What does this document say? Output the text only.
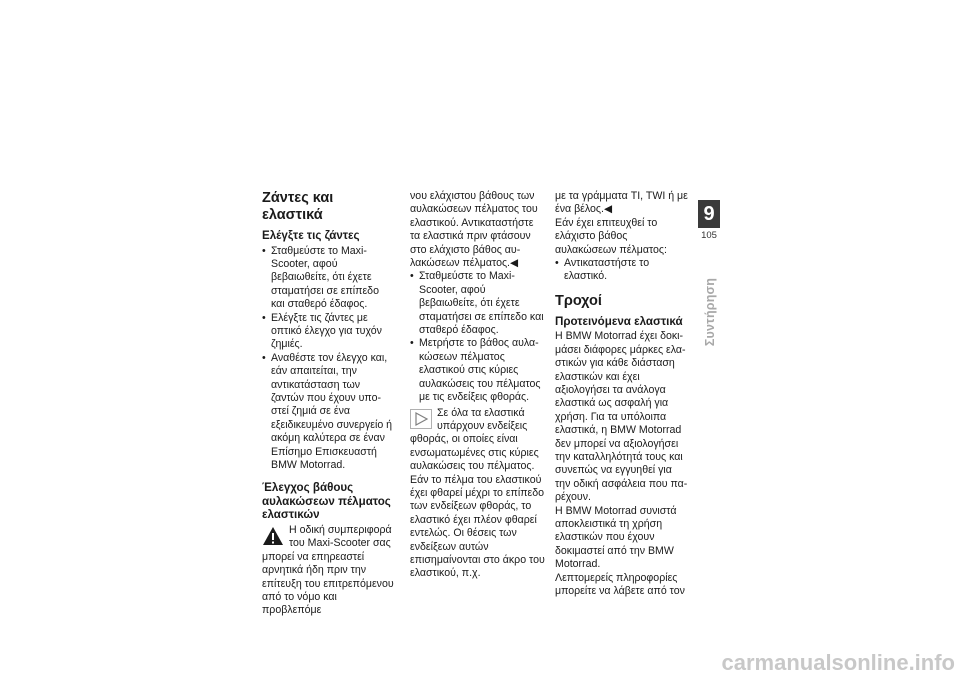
Ζάντες και ελαστικά
Ελέγξτε τις ζάντες
• Σταθμεύστε το Maxi-Scooter, αφού βεβαιωθείτε, ότι έχετε σταματήσει σε επίπεδο και σταθερό έδαφος.
• Ελέγξτε τις ζάντες με οπτικό έλεγχο για τυχόν ζημιές.
• Αναθέστε τον έλεγχο και, εάν απαιτείται, την αντικατάσταση των ζαντών που έχουν υποστεί ζημιά σε ένα εξειδικευμένο συνεργείο ή ακόμη καλύτερα σε έναν Επίσημο Επισκευαστή BMW Motorrad.
Έλεγχος βάθους αυλακώσεων πέλματος ελαστικών

Η οδική συμπεριφορά του Maxi-Scooter σας μπορεί να επηρεαστεί αρνητικά ήδη πριν την επίτευξη του επιτρεπόμενου από το νόμο και προβλεπόμε

νου ελάχιστου βάθους των αυλακώσεων πέλματος του ελαστικού. Αντικαταστήστε τα ελαστικά πριν φτάσουν στο ελάχιστο βάθος αυλακώσεων πέλματος.◀

• Σταθμεύστε το Maxi-Scooter, αφού βεβαιωθείτε, ότι έχετε σταματήσει σε επίπεδο και σταθερό έδαφος.
• Μετρήστε το βάθος αυλακώσεων πέλματος ελαστικού στις κύριες αυλακώσεις του πέλματος με τις ενδείξεις φθοράς.

Σε όλα τα ελαστικά υπάρχουν ενδείξεις φθοράς, οι οποίες είναι ενσωματωμένες στις κύριες αυλακώσεις του πέλματος. Εάν το πέλμα του ελαστικού έχει φθαρεί μέχρι το επίπεδο των ενδείξεων φθοράς, το ελαστικό έχει πλέον φθαρεί εντελώς. Οι θέσεις των ενδείξεων αυτών επισημαίνονται στο άκρο του ελαστικού, π.χ.

με τα γράμματα TI, TWI ή με ένα βέλος.◀

Εάν έχει επιτευχθεί το ελάχιστο βάθος αυλακώσεων πέλματος:

• Αντικαταστήστε το ελαστικό.
Τροχοί
Προτεινόμενα ελαστικά

Η BMW Motorrad έχει δοκιμάσει διάφορες μάρκες ελαστικών για κάθε διάσταση ελαστικών και έχει αξιολογήσει τα ανάλογα ελαστικά ως ασφαλή για χρήση. Για τα υπόλοιπα ελαστικά, η BMW Motorrad δεν μπορεί να αξιολογήσει την καταλληλότητά τους και συνεπώς να εγγυηθεί για την οδική ασφάλεια που παρέχουν.

Η BMW Motorrad συνιστά αποκλειστικά τη χρήση ελαστικών που έχουν δοκιμαστεί από την BMW Motorrad.

Λεπτομερείς πληροφορίες μπορείτε να λάβετε από τον

9
105
Συντήρηση
carmanualsonline.info
